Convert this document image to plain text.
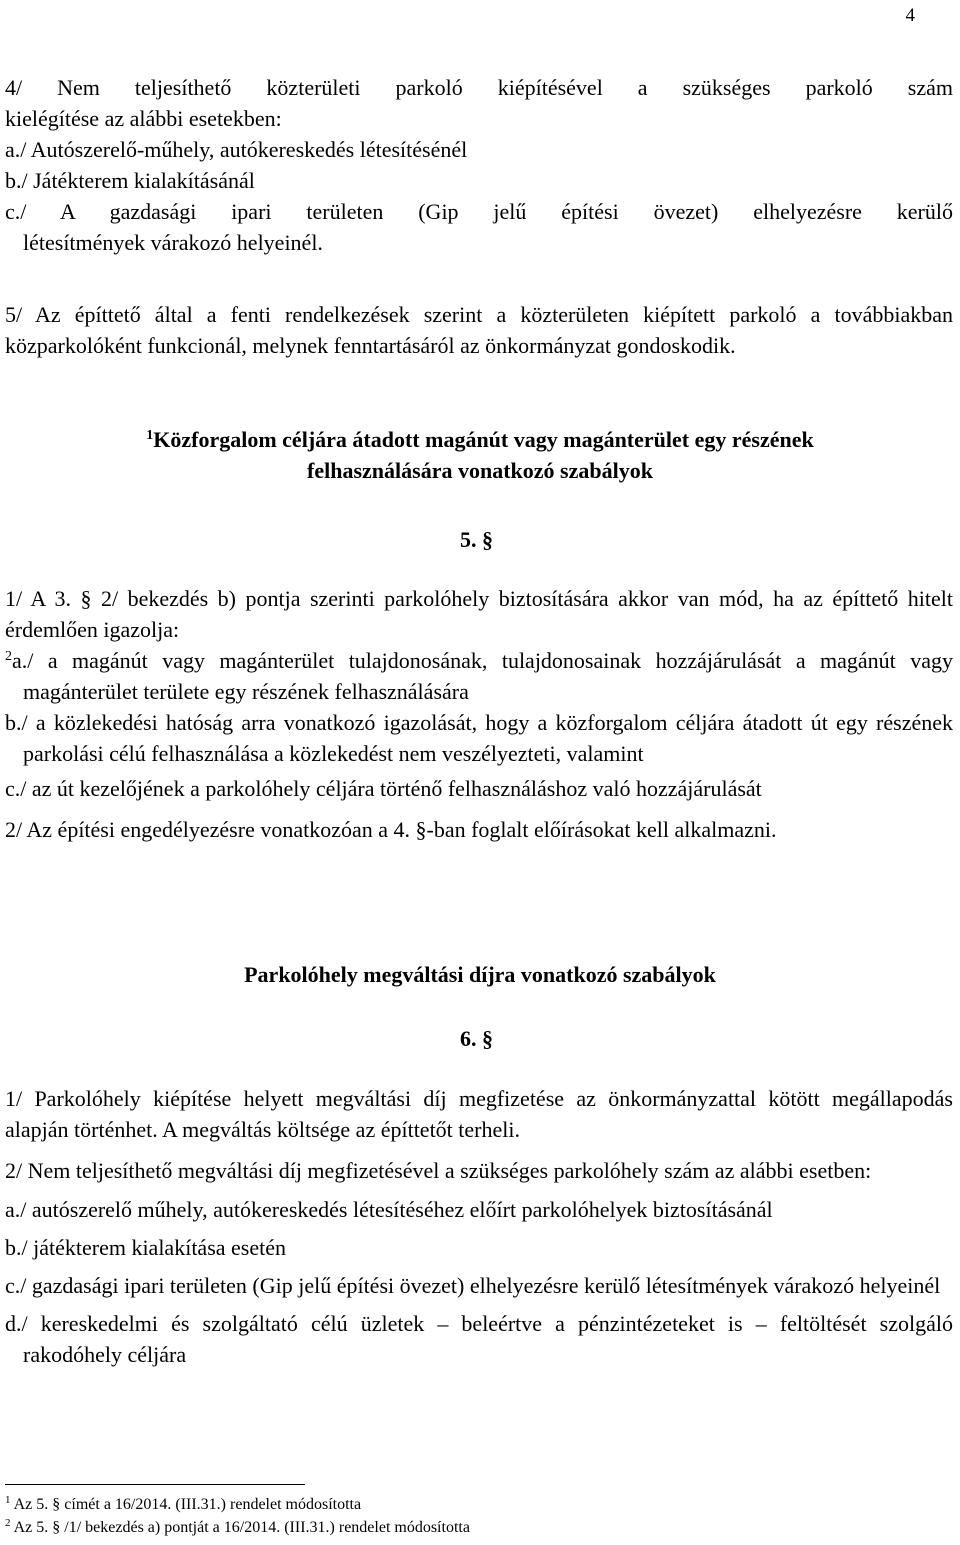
4

4/ Nem teljesíthető közterületi parkoló kiépítésével a szükséges parkoló szám

kielégítése az alábbi esetekben:

a./ Autószerelő-műhely, autókereskedés létesítésénél

b./ Játékterem kialakításánál

c./ A gazdasági ipari területen (Gip jelű építési övezet) elhelyezésre kerülő

létesítmények várakozó helyeinél.

5/ Az építtető által a fenti rendelkezések szerint a közterületen kiépített parkoló a továbbiakban közparkolóként funkcionál, melynek fenntartásáról az önkormányzat gondoskodik.
$^1$Közforgalom céljára átadott magánút vagy magánterület egy részének
felhasználására vonatkozó szabályok
5. §

1/ A 3. § 2/ bekezdés b) pontja szerinti parkolóhely biztosítására akkor van mód, ha az építtető hitelt érdemlően igazolja:

$^2$a./ a magánút vagy magánterület tulajdonosának, tulajdonosainak hozzájárulását a magánút vagy magánterület területe egy részének felhasználására

b./ a közlekedési hatóság arra vonatkozó igazolását, hogy a közforgalom céljára átadott út egy részének parkolási célú felhasználása a közlekedést nem veszélyezteti, valamint

c./ az út kezelőjének a parkolóhely céljára történő felhasználáshoz való hozzájárulását

2/ Az építési engedélyezésre vonatkozóan a 4. §-ban foglalt előírásokat kell alkalmazni.

Parkolóhely megváltási díjra vonatkozó szabályok
6. §

1/ Parkolóhely kiépítése helyett megváltási díj megfizetése az önkormányzattal kötött megállapodás alapján történhet. A megváltás költsége az építtetőt terheli.

2/ Nem teljesíthető megváltási díj megfizetésével a szükséges parkolóhely szám az alábbi esetben:

a./ autószerelő műhely, autókereskedés létesítéséhez előírt parkolóhelyek biztosításánál

b./ játékterem kialakítása esetén

c./ gazdasági ipari területen (Gip jelű építési övezet) elhelyezésre kerülő létesítmények várakozó helyeinél

d./ kereskedelmi és szolgáltató célú üzletek – beleértve a pénzintézeteket is – feltöltését szolgáló rakodóhely céljára

$^1$ Az 5. § címét a 16/2014. (III.31.) rendelet módosította
$^2$ Az 5. § /1/ bekezdés a) pontját a 16/2014. (III.31.) rendelet módosította
